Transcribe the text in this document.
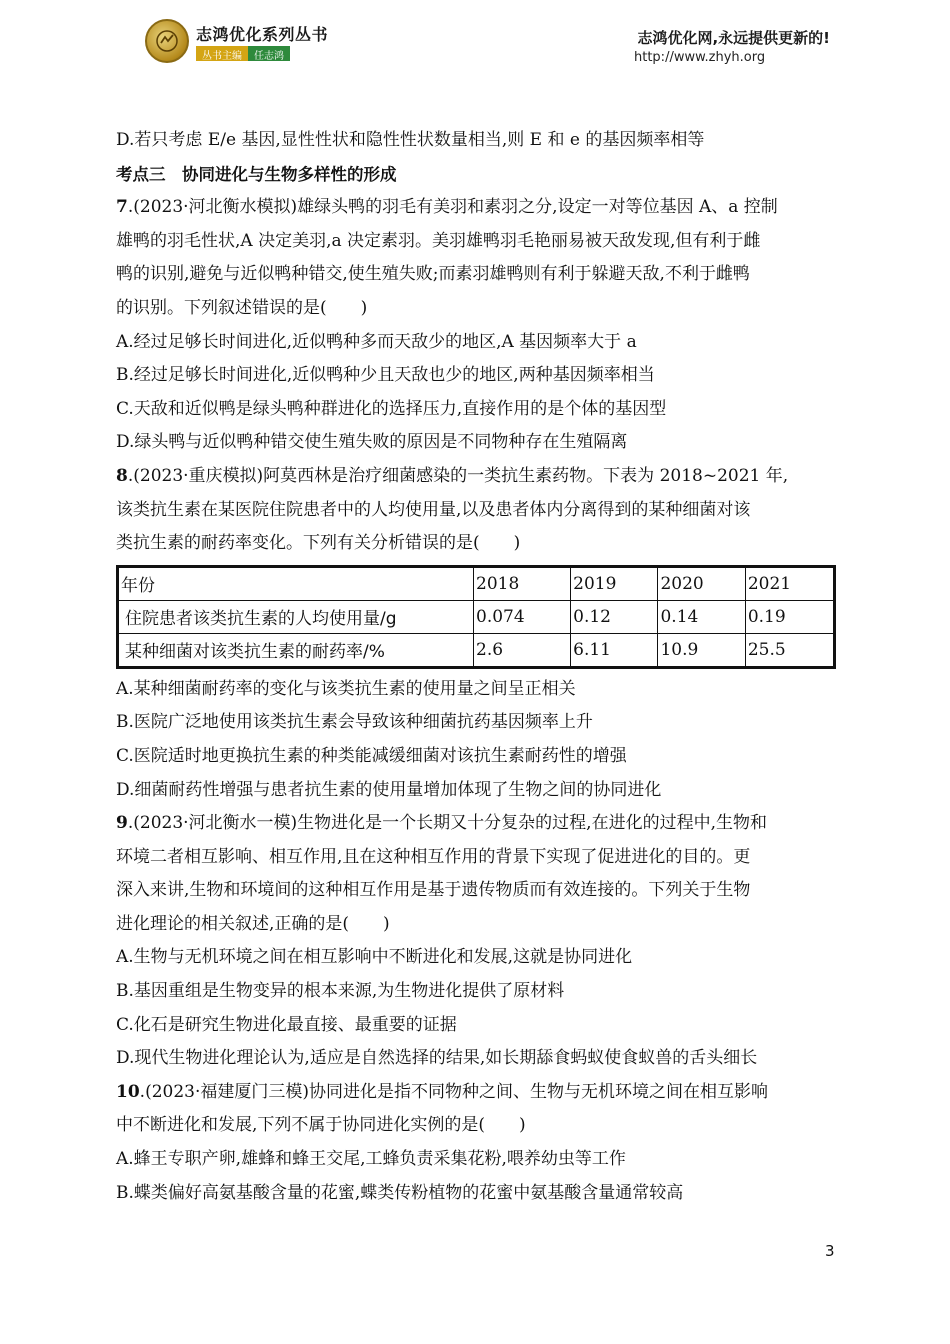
志鸿优化系列丛书
丛书主编	任志鸿
志鸿优化网,永远提供更新的!
http://www.zhyh.org
D.若只考虑 E/e 基因,显性性状和隐性性状数量相当,则 E 和 e 的基因频率相等
考点三　协同进化与生物多样性的形成
7.(2023·河北衡水模拟)雄绿头鸭的羽毛有美羽和素羽之分,设定一对等位基因 A、a 控制
雄鸭的羽毛性状,A 决定美羽,a 决定素羽。美羽雄鸭羽毛艳丽易被天敌发现,但有利于雌
鸭的识别,避免与近似鸭种错交,使生殖失败;而素羽雄鸭则有利于躲避天敌,不利于雌鸭
的识别。下列叙述错误的是(　　)
A.经过足够长时间进化,近似鸭种多而天敌少的地区,A 基因频率大于 a
B.经过足够长时间进化,近似鸭种少且天敌也少的地区,两种基因频率相当
C.天敌和近似鸭是绿头鸭种群进化的选择压力,直接作用的是个体的基因型
D.绿头鸭与近似鸭种错交使生殖失败的原因是不同物种存在生殖隔离
8.(2023·重庆模拟)阿莫西林是治疗细菌感染的一类抗生素药物。下表为 2018~2021 年,
该类抗生素在某医院住院患者中的人均使用量,以及患者体内分离得到的某种细菌对该
类抗生素的耐药率变化。下列有关分析错误的是(　　)
年份	2018	2019	2020	2021
住院患者该类抗生素的人均使用量/g	0.074	0.12	0.14	0.19
某种细菌对该类抗生素的耐药率/%	2.6	6.11	10.9	25.5
A.某种细菌耐药率的变化与该类抗生素的使用量之间呈正相关
B.医院广泛地使用该类抗生素会导致该种细菌抗药基因频率上升
C.医院适时地更换抗生素的种类能减缓细菌对该抗生素耐药性的增强
D.细菌耐药性增强与患者抗生素的使用量增加体现了生物之间的协同进化
9.(2023·河北衡水一模)生物进化是一个长期又十分复杂的过程,在进化的过程中,生物和
环境二者相互影响、相互作用,且在这种相互作用的背景下实现了促进进化的目的。更
深入来讲,生物和环境间的这种相互作用是基于遗传物质而有效连接的。下列关于生物
进化理论的相关叙述,正确的是(　　)
A.生物与无机环境之间在相互影响中不断进化和发展,这就是协同进化
B.基因重组是生物变异的根本来源,为生物进化提供了原材料
C.化石是研究生物进化最直接、最重要的证据
D.现代生物进化理论认为,适应是自然选择的结果,如长期舔食蚂蚁使食蚁兽的舌头细长
10.(2023·福建厦门三模)协同进化是指不同物种之间、生物与无机环境之间在相互影响
中不断进化和发展,下列不属于协同进化实例的是(　　)
A.蜂王专职产卵,雄蜂和蜂王交尾,工蜂负责采集花粉,喂养幼虫等工作
B.蝶类偏好高氨基酸含量的花蜜,蝶类传粉植物的花蜜中氨基酸含量通常较高
3
